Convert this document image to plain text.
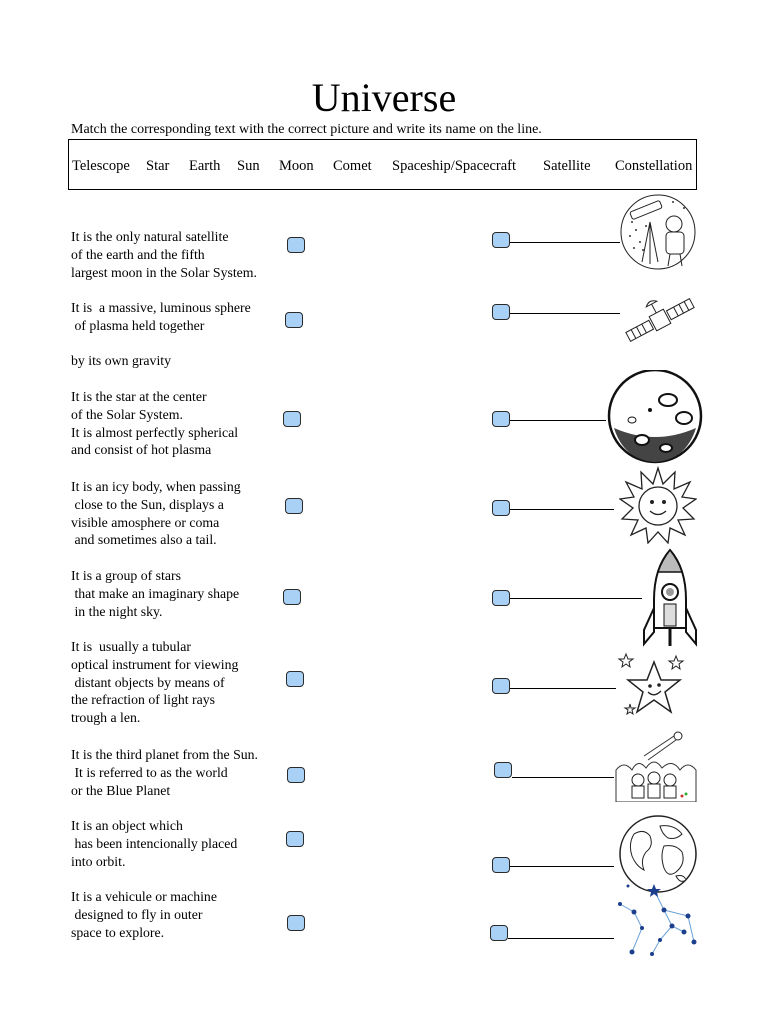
Universe
Match the corresponding text with the correct picture and write its name on the line.
Telescope Star Earth Sun Moon Comet Spaceship/Spacecraft Satellite Constellation
It is the only natural satellite
of the earth and the fifth
largest moon in the Solar System.
It is  a massive, luminous sphere
of plasma held together

by its own gravity
It is the star at the center
of the Solar System.
It is almost perfectly spherical
and consist of hot plasma
It is an icy body, when passing
close to the Sun, displays a
visible amosphere or coma
and sometimes also a tail.
It is a group of stars
that make an imaginary shape
in the night sky.
It is  usually a tubular
optical instrument for viewing
distant objects by means of
the refraction of light rays
trough a len.
It is the third planet from the Sun.
It is referred to as the world
or the Blue Planet
It is an object which
has been intencionally placed
into orbit.
It is a vehicule or machine
designed to fly in outer
space to explore.
